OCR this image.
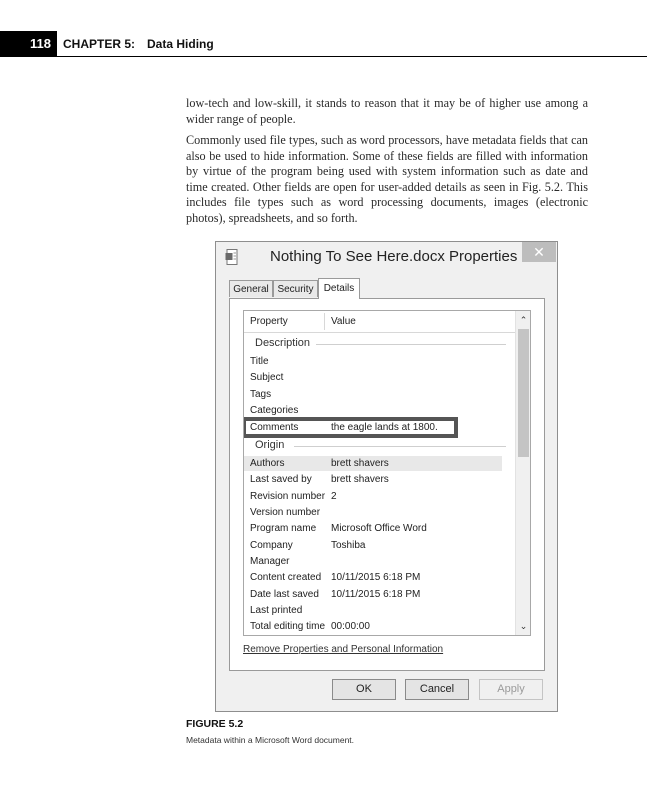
118	CHAPTER 5: Data Hiding

low-tech and low-skill, it stands to reason that it may be of higher use among a wider range of people.

Commonly used file types, such as word processors, have metadata fields that can also be used to hide information. Some of these fields are filled with information by virtue of the program being used with system information such as date and time created. Other fields are open for user-added details as seen in Fig. 5.2. This includes file types such as word processing documents, images (electronic photos), spreadsheets, and so forth.

Nothing To See Here.docx Properties	✕
General Security	Details
Property	Value
Description
Title
Subject
Tags
Categories
Comments	the eagle lands at 1800.
Origin
Authors	brett shavers
Last saved by brett shavers
Revision number 2
Version number
Program name Microsoft Office Word
Company	Toshiba
Manager
Content created 10/11/2015 6:18 PM
Date last saved 10/11/2015 6:18 PM
Last printed
Total editing time 00:00:00
⌃
⌄
Remove Properties and Personal Information
OK	Cancel	Apply
FIGURE 5.2
Metadata within a Microsoft Word document.
